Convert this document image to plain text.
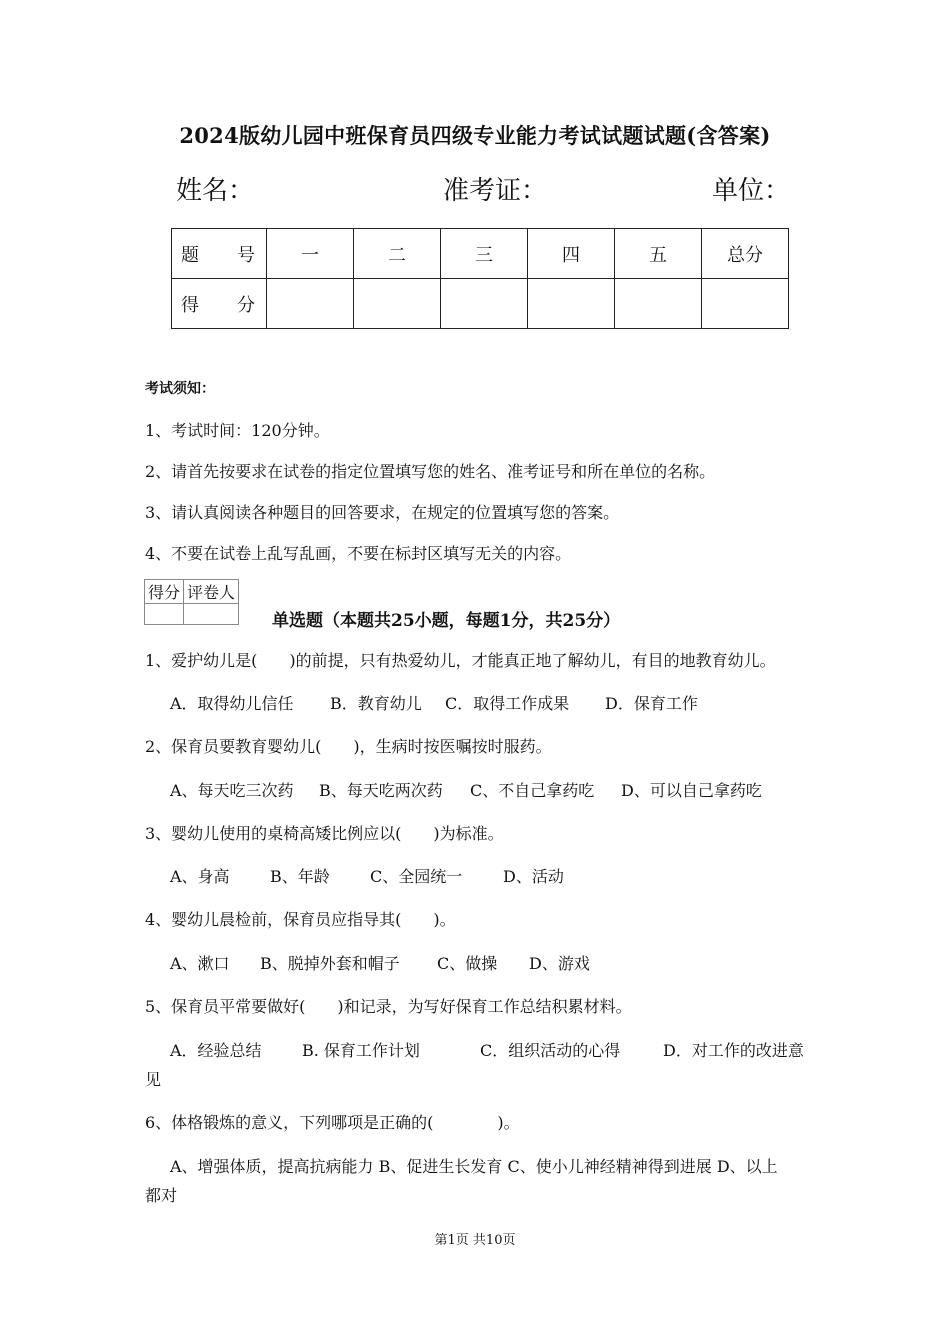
2024版幼儿园中班保育员四级专业能力考试试题试题(含答案)
姓名：	准考证：	单位：
题　号	一	二	三	四	五	总分
得　分						
考试须知：
1、考试时间：120分钟。
2、请首先按要求在试卷的指定位置填写您的姓名、准考证号和所在单位的名称。
3、请认真阅读各种题目的回答要求，在规定的位置填写您的答案。
4、不要在试卷上乱写乱画，不要在标封区填写无关的内容。
得分	评卷人

单选题（本题共25小题，每题1分，共25分）
1、爱护幼儿是(　　)的前提，只有热爱幼儿，才能真正地了解幼儿，有目的地教育幼儿。
A．取得幼儿信任 B．教育幼儿 C．取得工作成果 D．保育工作
2、保育员要教育婴幼儿(　　)，生病时按医嘱按时服药。
A、每天吃三次药 B、每天吃两次药 C、不自己拿药吃 D、可以自己拿药吃
3、婴幼儿使用的桌椅高矮比例应以(　　)为标准。
A、身高	B、年龄	C、全园统一	D、活动
4、婴幼儿晨检前，保育员应指导其(　　)。
A、漱口 B、脱掉外套和帽子 C、做操 D、游戏
5、保育员平常要做好(　　)和记录，为写好保育工作总结积累材料。
A．经验总结	B. 保育工作计划	C．组织活动的心得	D．对工作的改进意
见
6、体格锻炼的意义，下列哪项是正确的(　　　　)。
A、增强体质，提高抗病能力 B、促进生长发育 C、使小儿神经精神得到进展 D、以上
都对
第1页 共10页
